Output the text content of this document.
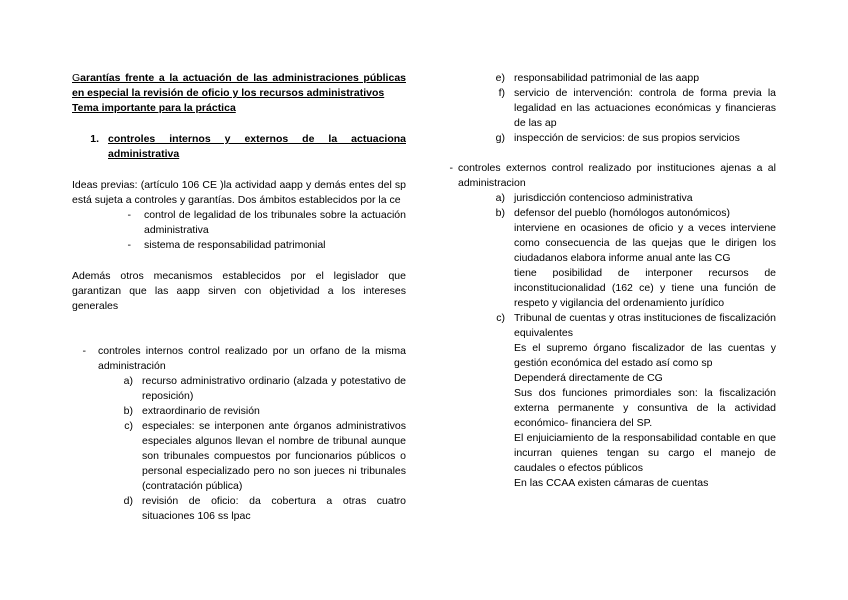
Garantías frente a la actuación de las administraciones públicas en especial la revisión de oficio y los recursos administrativos

Tema importante para la práctica

1. controles internos y externos de la actuaciona administrativa

Ideas previas: (artículo 106 CE )la actividad aapp y demás entes del sp está sujeta a controles y garantías. Dos ámbitos establecidos por la ce

-	control de legalidad de los tribunales sobre la actuación administrativa
-	sistema de responsabilidad patrimonial

Además otros mecanismos establecidos por el legislador que garantizan que las aapp sirven con objetividad a los intereses generales

-	controles internos control realizado por un orfano de la misma administración
a) recurso administrativo ordinario (alzada y potestativo de reposición)
b) extraordinario de revisión
c) especiales: se interponen ante órganos administrativos especiales algunos llevan el nombre de tribunal aunque son tribunales compuestos por funcionarios públicos o personal especializado pero no son jueces ni tribunales (contratación pública)
d) revisión de oficio: da cobertura a otras cuatro situaciones 106 ss lpac
e) responsabilidad patrimonial de las aapp
f) servicio de intervención: controla de forma previa la legalidad en las actuaciones económicas y financieras de las ap
g) inspección de servicios: de sus propios servicios
- controles externos control realizado por instituciones ajenas a al administracion
a) jurisdicción contencioso administrativa
b) defensor del pueblo (homólogos autonómicos)

interviene en ocasiones de oficio y a veces interviene como consecuencia de las quejas que le dirigen los ciudadanos elabora informe anual ante las CG

tiene posibilidad de interponer recursos de inconstitucionalidad (162 ce) y tiene una función de respeto y vigilancia del ordenamiento jurídico

c) Tribunal de cuentas y otras instituciones de fiscalización equivalentes

Es el supremo órgano fiscalizador de las cuentas y gestión económica del estado así como sp

Dependerá directamente de CG

Sus dos funciones primordiales son: la fiscalización externa permanente y consuntiva de la actividad económico- financiera del SP.

El enjuiciamiento de la responsabilidad contable en que incurran quienes tengan su cargo el manejo de caudales o efectos públicos

En las CCAA existen cámaras de cuentas
